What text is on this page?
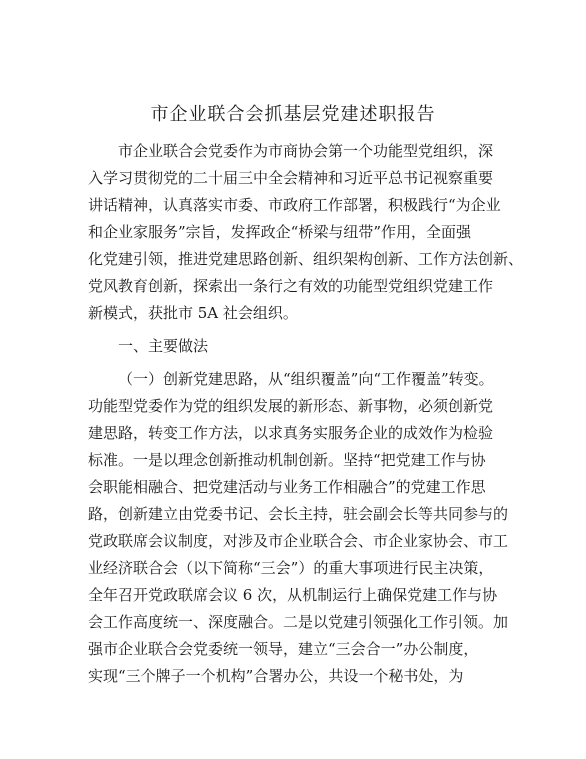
市企业联合会抓基层党建述职报告
市企业联合会党委作为市商协会第一个功能型党组织，深
入学习贯彻党的二十届三中全会精神和习近平总书记视察重要
讲话精神，认真落实市委、市政府工作部署，积极践行“为企业
和企业家服务”宗旨，发挥政企“桥梁与纽带”作用，全面强
化党建引领，推进党建思路创新、组织架构创新、工作方法创新、
党风教育创新，探索出一条行之有效的功能型党组织党建工作
新模式，获批市 5A 社会组织。
一、主要做法
（一）创新党建思路，从“组织覆盖”向“工作覆盖”转变。
功能型党委作为党的组织发展的新形态、新事物，必须创新党
建思路，转变工作方法，以求真务实服务企业的成效作为检验
标准。一是以理念创新推动机制创新。坚持“把党建工作与协
会职能相融合、把党建活动与业务工作相融合”的党建工作思
路，创新建立由党委书记、会长主持，驻会副会长等共同参与的
党政联席会议制度，对涉及市企业联合会、市企业家协会、市工
业经济联合会（以下简称“三会”）的重大事项进行民主决策，
全年召开党政联席会议 6 次，从机制运行上确保党建工作与协
会工作高度统一、深度融合。二是以党建引领强化工作引领。加
强市企业联合会党委统一领导，建立“三会合一”办公制度，
实现“三个牌子一个机构”合署办公，共设一个秘书处，为
